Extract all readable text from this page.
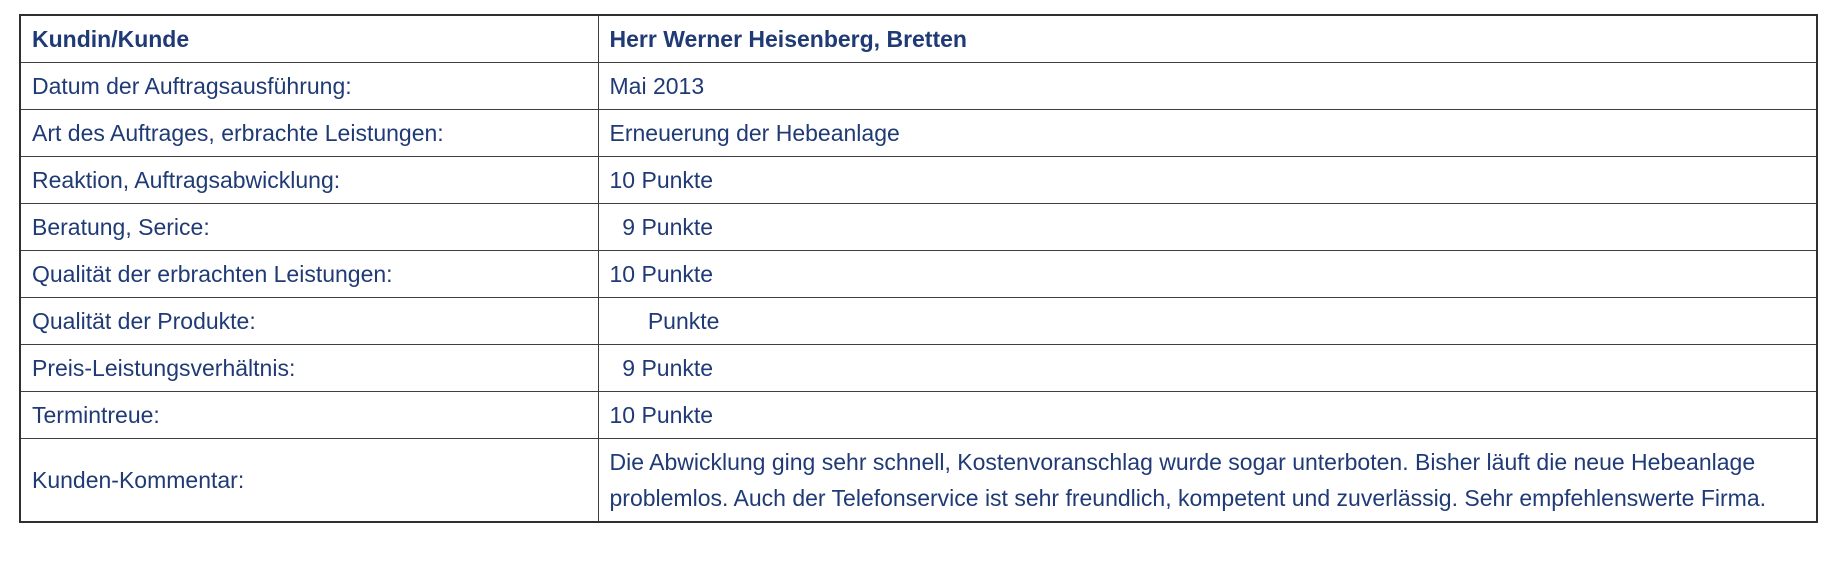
Kundin/Kunde	Herr Werner Heisenberg, Bretten
Datum der Auftragsausführung:	Mai 2013
Art des Auftrages, erbrachte Leistungen:	Erneuerung der Hebeanlage
Reaktion, Auftragsabwicklung:	10 Punkte
Beratung, Serice:	9 Punkte
Qualität der erbrachten Leistungen:	10 Punkte
Qualität der Produkte:	Punkte
Preis-Leistungsverhältnis:	9 Punkte
Termintreue:	10 Punkte
Kunden-Kommentar:	Die Abwicklung ging sehr schnell, Kostenvoranschlag wurde sogar unterboten. Bisher läuft die neue Hebeanlage problemlos. Auch der Telefonservice ist sehr freundlich, kompetent und zuverlässig. Sehr empfehlenswerte Firma.
